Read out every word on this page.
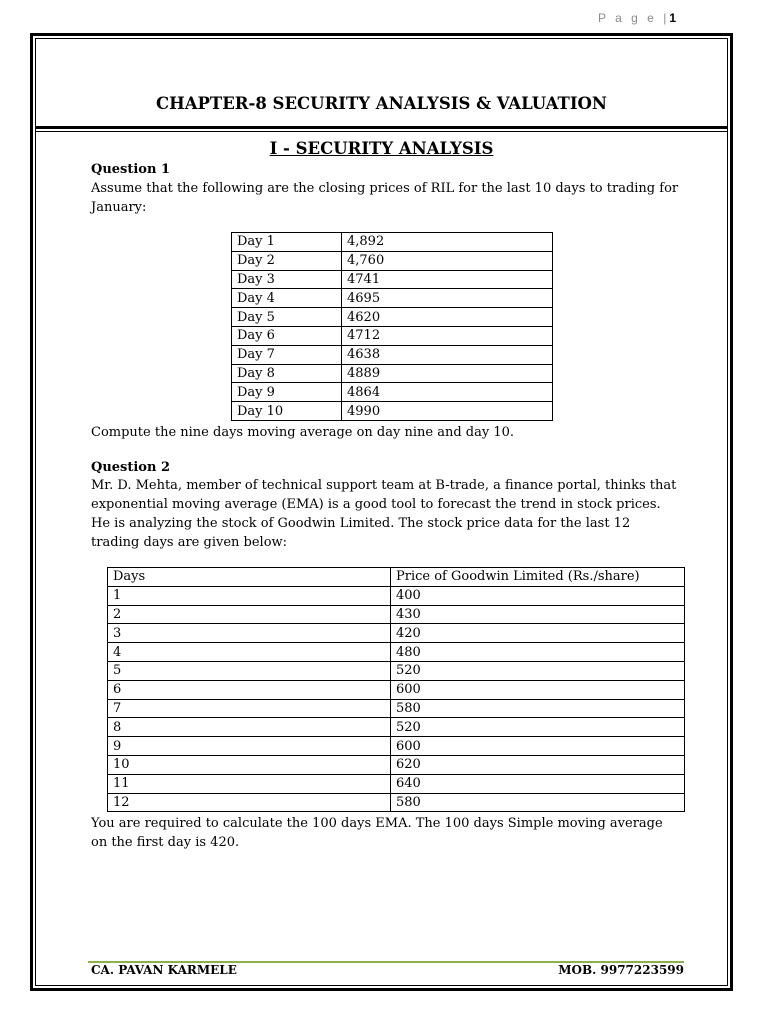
P a g e |1
CHAPTER-8 SECURITY ANALYSIS & VALUATION
I - SECURITY ANALYSIS
Question 1
Assume that the following are the closing prices of RIL for the last 10 days to trading for January:
Day 1	4,892
Day 2	4,760
Day 3	4741
Day 4	4695
Day 5	4620
Day 6	4712
Day 7	4638
Day 8	4889
Day 9	4864
Day 10	4990
Compute the nine days moving average on day nine and day 10.
Question 2
Mr. D. Mehta, member of technical support team at B-trade, a finance portal, thinks that exponential moving average (EMA) is a good tool to forecast the trend in stock prices. He is analyzing the stock of Goodwin Limited. The stock price data for the last 12 trading days are given below:
Days	Price of Goodwin Limited (Rs./share)
1	400
2	430
3	420
4	480
5	520
6	600
7	580
8	520
9	600
10	620
11	640
12	580
You are required to calculate the 100 days EMA. The 100 days Simple moving average on the first day is 420.
CA. PAVAN KARMELE	MOB. 9977223599
